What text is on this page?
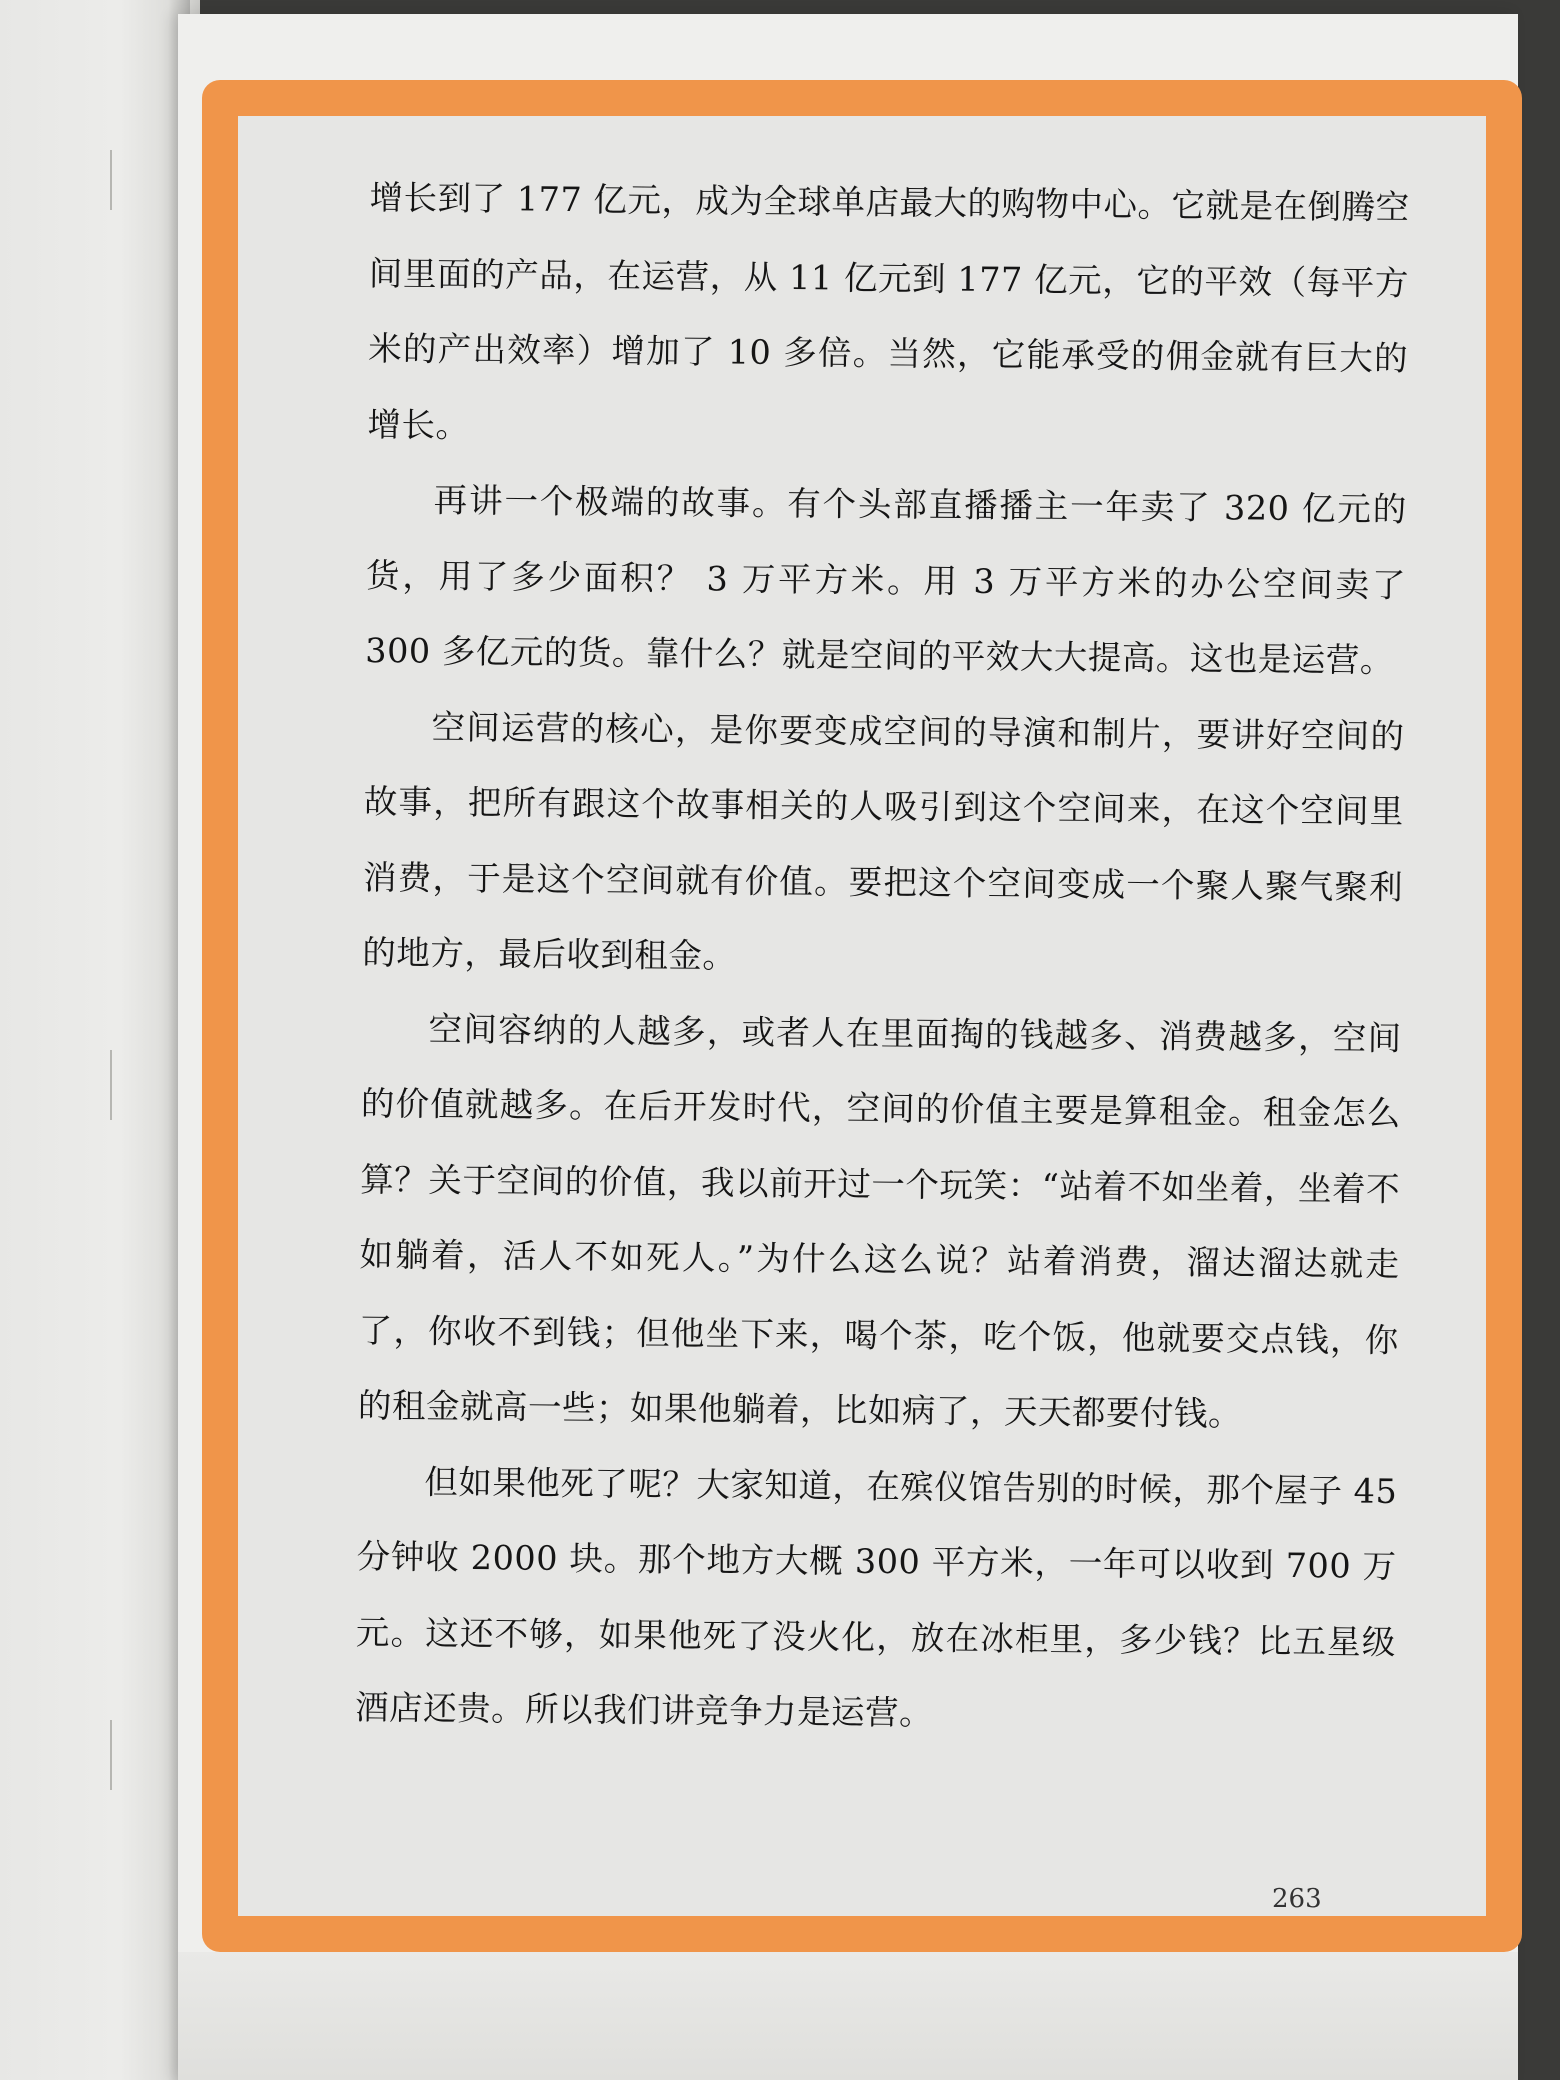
增长到了 177 亿元，成为全球单店最大的购物中心。它就是在倒腾空间里面的产品，在运营，从 11 亿元到 177 亿元，它的平效（每平方米的产出效率）增加了 10 多倍。当然，它能承受的佣金就有巨大的增长。

再讲一个极端的故事。有个头部直播播主一年卖了 320 亿元的货，用了多少面积？ 3 万平方米。用 3 万平方米的办公空间卖了 300 多亿元的货。靠什么？就是空间的平效大大提高。这也是运营。

空间运营的核心，是你要变成空间的导演和制片，要讲好空间的故事，把所有跟这个故事相关的人吸引到这个空间来，在这个空间里消费，于是这个空间就有价值。要把这个空间变成一个聚人聚气聚利的地方，最后收到租金。

空间容纳的人越多，或者人在里面掏的钱越多、消费越多，空间的价值就越多。在后开发时代，空间的价值主要是算租金。租金怎么算？关于空间的价值，我以前开过一个玩笑：“站着不如坐着，坐着不如躺着，活人不如死人。”为什么这么说？站着消费，溜达溜达就走了，你收不到钱；但他坐下来，喝个茶，吃个饭，他就要交点钱，你的租金就高一些；如果他躺着，比如病了，天天都要付钱。

但如果他死了呢？大家知道，在殡仪馆告别的时候，那个屋子 45 分钟收 2000 块。那个地方大概 300 平方米，一年可以收到 700 万元。这还不够，如果他死了没火化，放在冰柜里，多少钱？比五星级酒店还贵。所以我们讲竞争力是运营。

263
